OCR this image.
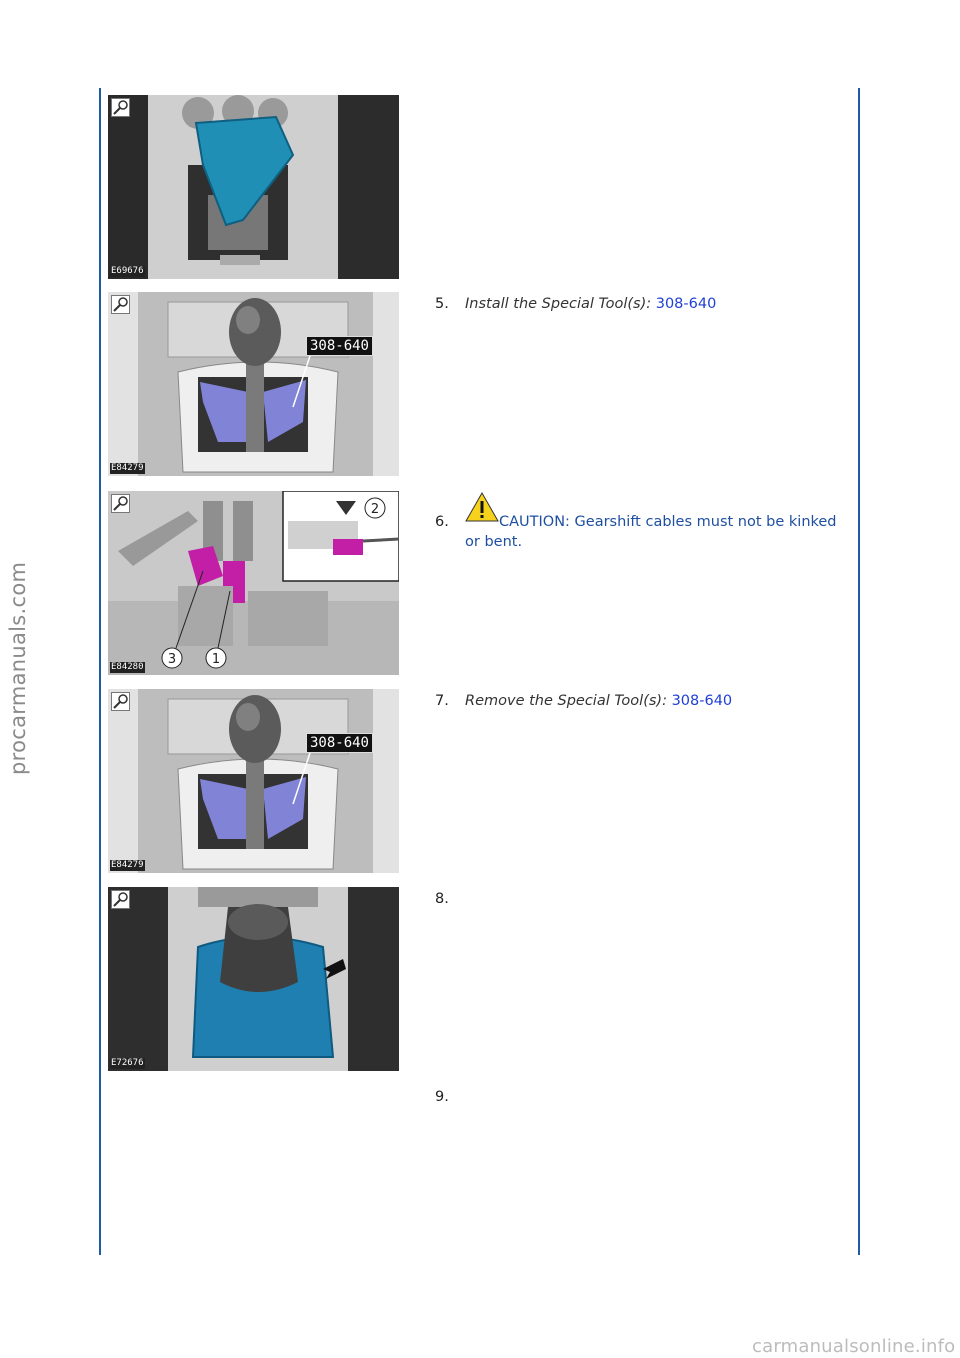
procarmanuals.com
E69676
308-640
E84279
2
3	1
E84280
308-640
E84279
E72676
5. Install the Special Tool(s): 308-640
6.	CAUTION: Gearshift cables must not be kinked or bent.
7. Remove the Special Tool(s): 308-640
8.
9.
carmanualsonline.info
